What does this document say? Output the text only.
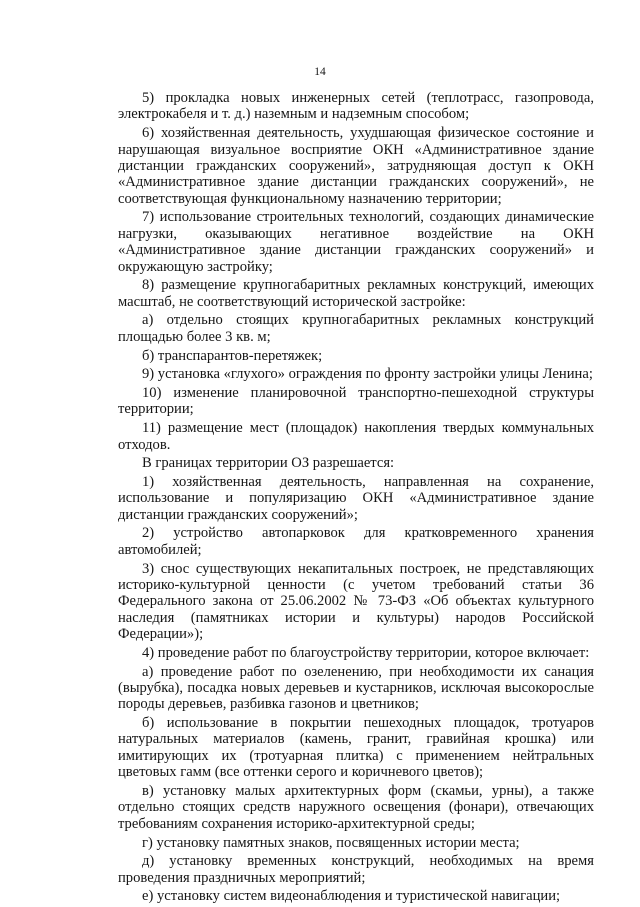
14

5) прокладка новых инженерных сетей (теплотрасс, газопровода, электрокабеля и т. д.) наземным и надземным способом;

6) хозяйственная деятельность, ухудшающая физическое состояние и нарушающая визуальное восприятие ОКН «Административное здание дистанции гражданских сооружений», затрудняющая доступ к ОКН «Административное здание дистанции гражданских сооружений», не соответствующая функциональному назначению территории;

7) использование строительных технологий, создающих динамические нагрузки, оказывающих негативное воздействие на ОКН «Административное здание дистанции гражданских сооружений» и окружающую застройку;

8) размещение крупногабаритных рекламных конструкций, имеющих масштаб, не соответствующий исторической застройке:

а) отдельно стоящих крупногабаритных рекламных конструкций площадью более 3 кв. м;

б) транспарантов-перетяжек;

9) установка «глухого» ограждения по фронту застройки улицы Ленина;

10) изменение планировочной транспортно-пешеходной структуры территории;

11) размещение мест (площадок) накопления твердых коммунальных отходов.

В границах территории ОЗ разрешается:

1) хозяйственная деятельность, направленная на сохранение, использование и популяризацию ОКН «Административное здание дистанции гражданских сооружений»;

2) устройство автопарковок для кратковременного хранения автомобилей;

3) снос существующих некапитальных построек, не представляющих историко-культурной ценности (с учетом требований статьи 36 Федерального закона от 25.06.2002 № 73-ФЗ «Об объектах культурного наследия (памятниках истории и культуры) народов Российской Федерации»);

4) проведение работ по благоустройству территории, которое включает:

а) проведение работ по озеленению, при необходимости их санация (вырубка), посадка новых деревьев и кустарников, исключая высокорослые породы деревьев, разбивка газонов и цветников;

б) использование в покрытии пешеходных площадок, тротуаров натуральных материалов (камень, гранит, гравийная крошка) или имитирующих их (тротуарная плитка) с применением нейтральных цветовых гамм (все оттенки серого и коричневого цветов);

в) установку малых архитектурных форм (скамьи, урны), а также отдельно стоящих средств наружного освещения (фонари), отвечающих требованиям сохранения историко-архитектурной среды;

г) установку памятных знаков, посвященных истории места;

д) установку временных конструкций, необходимых на время проведения праздничных мероприятий;

е) установку систем видеонаблюдения и туристической навигации;
